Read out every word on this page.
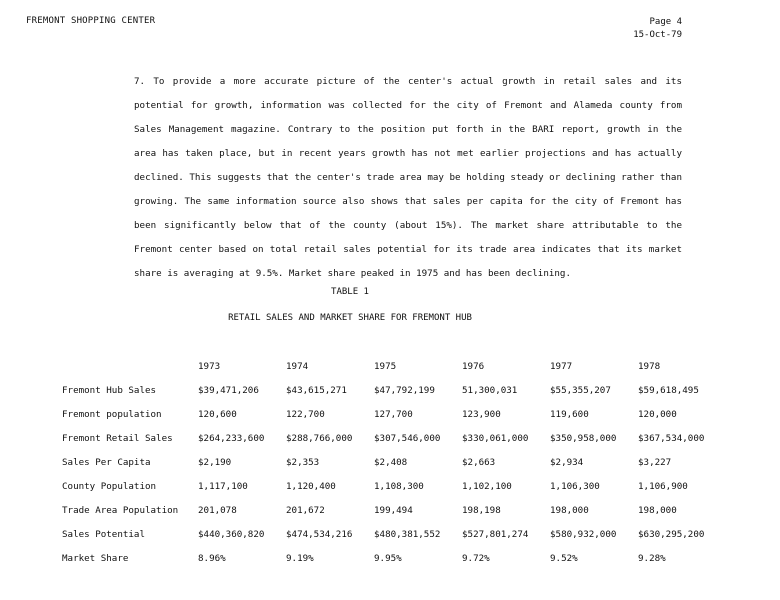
FREMONT SHOPPING CENTER	Page 4
15-Oct-79

7. To provide a more accurate picture of the center's actual growth in retail sales and its potential for growth, information was collected for the city of Fremont and Alameda county from Sales Management magazine. Contrary to the position put forth in the BARI report, growth in the area has taken place, but in recent years growth has not met earlier projections and has actually declined. This suggests that the center's trade area may be holding steady or declining rather than growing. The same information source also shows that sales per capita for the city of Fremont has been significantly below that of the county (about 15%). The market share attributable to the Fremont center based on total retail sales potential for its trade area indicates that its market share is averaging at 9.5%. Market share peaked in 1975 and has been declining.

TABLE 1
RETAIL SALES AND MARKET SHARE FOR FREMONT HUB
	1973	1974	1975	1976	1977	1978
Fremont Hub Sales	$39,471,206	$43,615,271	$47,792,199	51,300,031	$55,355,207	$59,618,495
Fremont population	120,600	122,700	127,700	123,900	119,600	120,000
Fremont Retail Sales	$264,233,600	$288,766,000	$307,546,000	$330,061,000	$350,958,000	$367,534,000
Sales Per Capita	$2,190	$2,353	$2,408	$2,663	$2,934	$3,227
County Population	1,117,100	1,120,400	1,108,300	1,102,100	1,106,300	1,106,900
Trade Area Population	201,078	201,672	199,494	198,198	198,000	198,000
Sales Potential	$440,360,820	$474,534,216	$480,381,552	$527,801,274	$580,932,000	$630,295,200
Market Share	8.96%	9.19%	9.95%	9.72%	9.52%	9.28%
